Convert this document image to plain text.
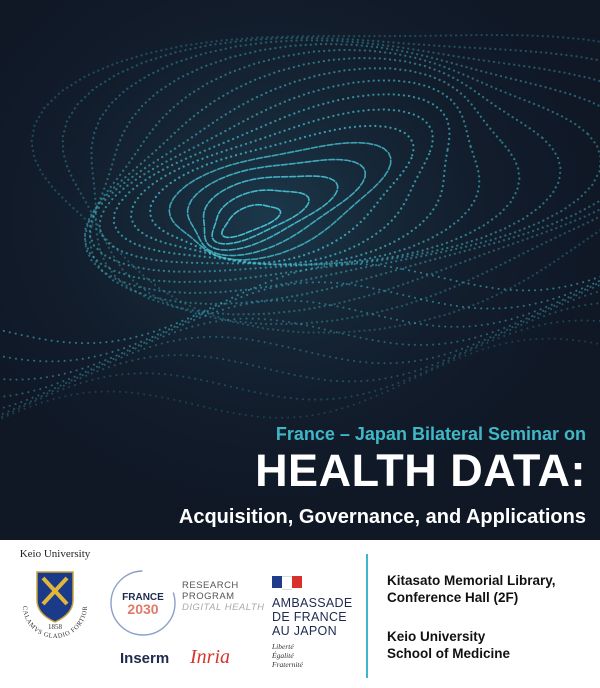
France – Japan Bilateral Seminar on
HEALTH DATA:
Acquisition, Governance, and Applications
Keio University
CALAMVS GLADIO FORTIOR
1858
FRANCE
2030
RESEARCH
PROGRAM
DIGITAL HEALTH
Inserm Inria
AMBASSADE
DE FRANCE
AU JAPON
Liberté
Égalité
Fraternité
Kitasato Memorial Library,
Conference Hall (2F)
Keio University
School of Medicine
